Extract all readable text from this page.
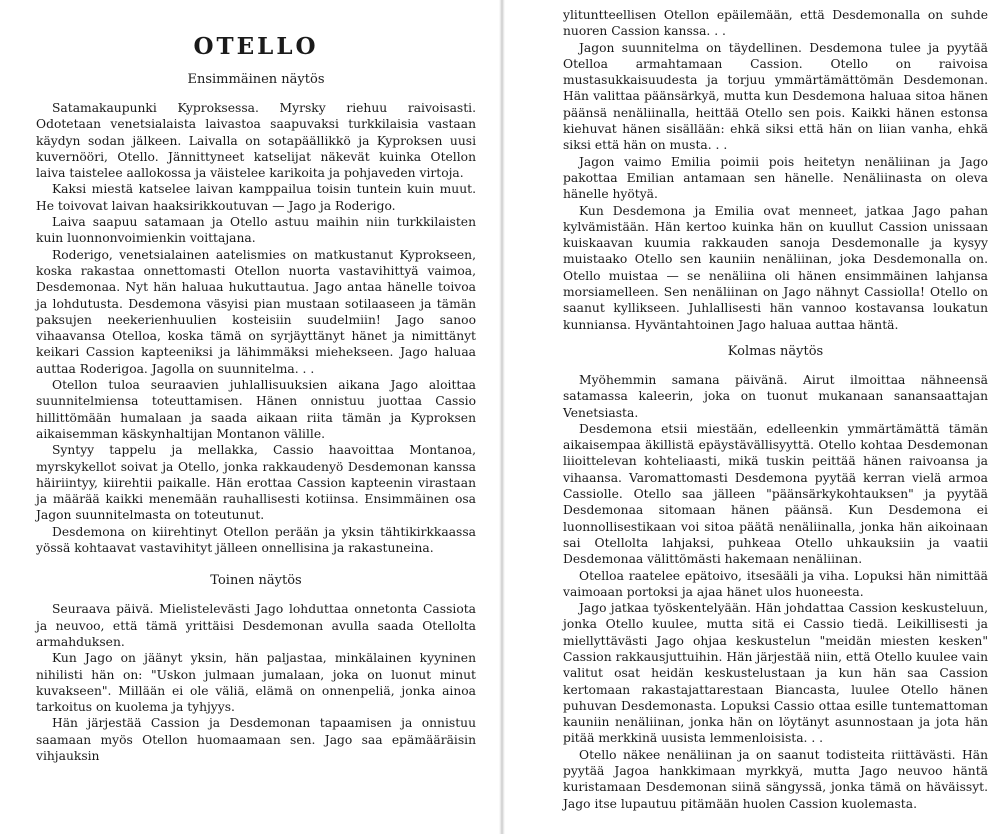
OTELLO
Ensimmäinen näytös

Satamakaupunki Kyproksessa. Myrsky riehuu raivoisasti. Odotetaan venetsialaista laivastoa saapuvaksi turkkilaisia vastaan käydyn sodan jälkeen. Laivalla on sotapäällikkö ja Kyproksen uusi kuvernööri, Otello. Jännittyneet katselijat näkevät kuinka Otellon laiva taistelee aallokossa ja väistelee karikoita ja pohjaveden virtoja.

Kaksi miestä katselee laivan kamppailua toisin tuntein kuin muut. He toivovat laivan haaksirikkoutuvan — Jago ja Roderigo.

Laiva saapuu satamaan ja Otello astuu maihin niin turkkilaisten kuin luonnonvoimienkin voittajana.

Roderigo, venetsialainen aatelismies on matkustanut Kyprokseen, koska rakastaa onnettomasti Otellon nuorta vastavihittyä vaimoa, Desdemonaa. Nyt hän haluaa hukuttautua. Jago antaa hänelle toivoa ja lohdutusta. Desdemona väsyisi pian mustaan sotilaaseen ja tämän paksujen neekerienhuulien kosteisiin suudelmiin! Jago sanoo vihaavansa Otelloa, koska tämä on syrjäyttänyt hänet ja nimittänyt keikari Cassion kapteeniksi ja lähimmäksi miehekseen. Jago haluaa auttaa Roderigoa. Jagolla on suunnitelma. . .

Otellon tuloa seuraavien juhlallisuuksien aikana Jago aloittaa suunnitelmiensa toteuttamisen. Hänen onnistuu juottaa Cassio hillittömään humalaan ja saada aikaan riita tämän ja Kyproksen aikaisemman käskynhaltijan Montanon välille.

Syntyy tappelu ja mellakka, Cassio haavoittaa Montanoa, myrskykellot soivat ja Otello, jonka rakkaudenyö Desdemonan kanssa häiriintyy, kiirehtii paikalle. Hän erottaa Cassion kapteenin virastaan ja määrää kaikki menemään rauhallisesti kotiinsa. Ensimmäinen osa Jagon suunnitelmasta on toteutunut.

Desdemona on kiirehtinyt Otellon perään ja yksin tähtikirkkaassa yössä kohtaavat vastavihityt jälleen onnellisina ja rakastuneina.

Toinen näytös

Seuraava päivä. Mielistelevästi Jago lohduttaa onnetonta Cassiota ja neuvoo, että tämä yrittäisi Desdemonan avulla saada Otellolta armahduksen.

Kun Jago on jäänyt yksin, hän paljastaa, minkälainen kyyninen nihilisti hän on: "Uskon julmaan jumalaan, joka on luonut minut kuvakseen". Millään ei ole väliä, elämä on onnenpeliä, jonka ainoa tarkoitus on kuolema ja tyhjyys.

Hän järjestää Cassion ja Desdemonan tapaamisen ja onnistuu saamaan myös Otellon huomaamaan sen. Jago saa epämääräisin vihjauksin

ylituntteellisen Otellon epäilemään, että Desdemonalla on suhde nuoren Cassion kanssa. . .

Jagon suunnitelma on täydellinen. Desdemona tulee ja pyytää Otelloa armahtamaan Cassion. Otello on raivoisa mustasukkaisuudesta ja torjuu ymmärtämättömän Desdemonan. Hän valittaa päänsärkyä, mutta kun Desdemona haluaa sitoa hänen päänsä nenäliinalla, heittää Otello sen pois. Kaikki hänen estonsa kiehuvat hänen sisällään: ehkä siksi että hän on liian vanha, ehkä siksi että hän on musta. . .

Jagon vaimo Emilia poimii pois heitetyn nenäliinan ja Jago pakottaa Emilian antamaan sen hänelle. Nenäliinasta on oleva hänelle hyötyä.

Kun Desdemona ja Emilia ovat menneet, jatkaa Jago pahan kylvämistään. Hän kertoo kuinka hän on kuullut Cassion unissaan kuiskaavan kuumia rakkauden sanoja Desdemonalle ja kysyy muistaako Otello sen kauniin nenäliinan, joka Desdemonalla on. Otello muistaa — se nenäliina oli hänen ensimmäinen lahjansa morsiamelleen. Sen nenäliinan on Jago nähnyt Cassiolla! Otello on saanut kyllikseen. Juhlallisesti hän vannoo kostavansa loukatun kunniansa. Hyväntahtoinen Jago haluaa auttaa häntä.

Kolmas näytös

Myöhemmin samana päivänä. Airut ilmoittaa nähneensä satamassa kaleerin, joka on tuonut mukanaan sanansaattajan Venetsiasta.

Desdemona etsii miestään, edelleenkin ymmärtämättä tämän aikaisempaa äkillistä epäystävällisyyttä. Otello kohtaa Desdemonan liioittelevan kohteliaasti, mikä tuskin peittää hänen raivoansa ja vihaansa. Varomattomasti Desdemona pyytää kerran vielä armoa Cassiolle. Otello saa jälleen "päänsärkykohtauksen" ja pyytää Desdemonaa sitomaan hänen päänsä. Kun Desdemona ei luonnollisestikaan voi sitoa päätä nenäliinalla, jonka hän aikoinaan sai Otellolta lahjaksi, puhkeaa Otello uhkauksiin ja vaatii Desdemonaa välittömästi hakemaan nenäliinan.

Otelloa raatelee epätoivo, itsesääli ja viha. Lopuksi hän nimittää vaimoaan portoksi ja ajaa hänet ulos huoneesta.

Jago jatkaa työskentelyään. Hän johdattaa Cassion keskusteluun, jonka Otello kuulee, mutta sitä ei Cassio tiedä. Leikillisesti ja miellyttävästi Jago ohjaa keskustelun "meidän miesten kesken" Cassion rakkausjuttuihin. Hän järjestää niin, että Otello kuulee vain valitut osat heidän keskustelustaan ja kun hän saa Cassion kertomaan rakastajattarestaan Biancasta, luulee Otello hänen puhuvan Desdemonasta. Lopuksi Cassio ottaa esille tuntemattoman kauniin nenäliinan, jonka hän on löytänyt asunnostaan ja jota hän pitää merkkinä uusista lemmenloisista. . .

Otello näkee nenäliinan ja on saanut todisteita riittävästi. Hän pyytää Jagoa hankkimaan myrkkyä, mutta Jago neuvoo häntä kuristamaan Desdemonan siinä sängyssä, jonka tämä on häväissyt. Jago itse lupautuu pitämään huolen Cassion kuolemasta.
